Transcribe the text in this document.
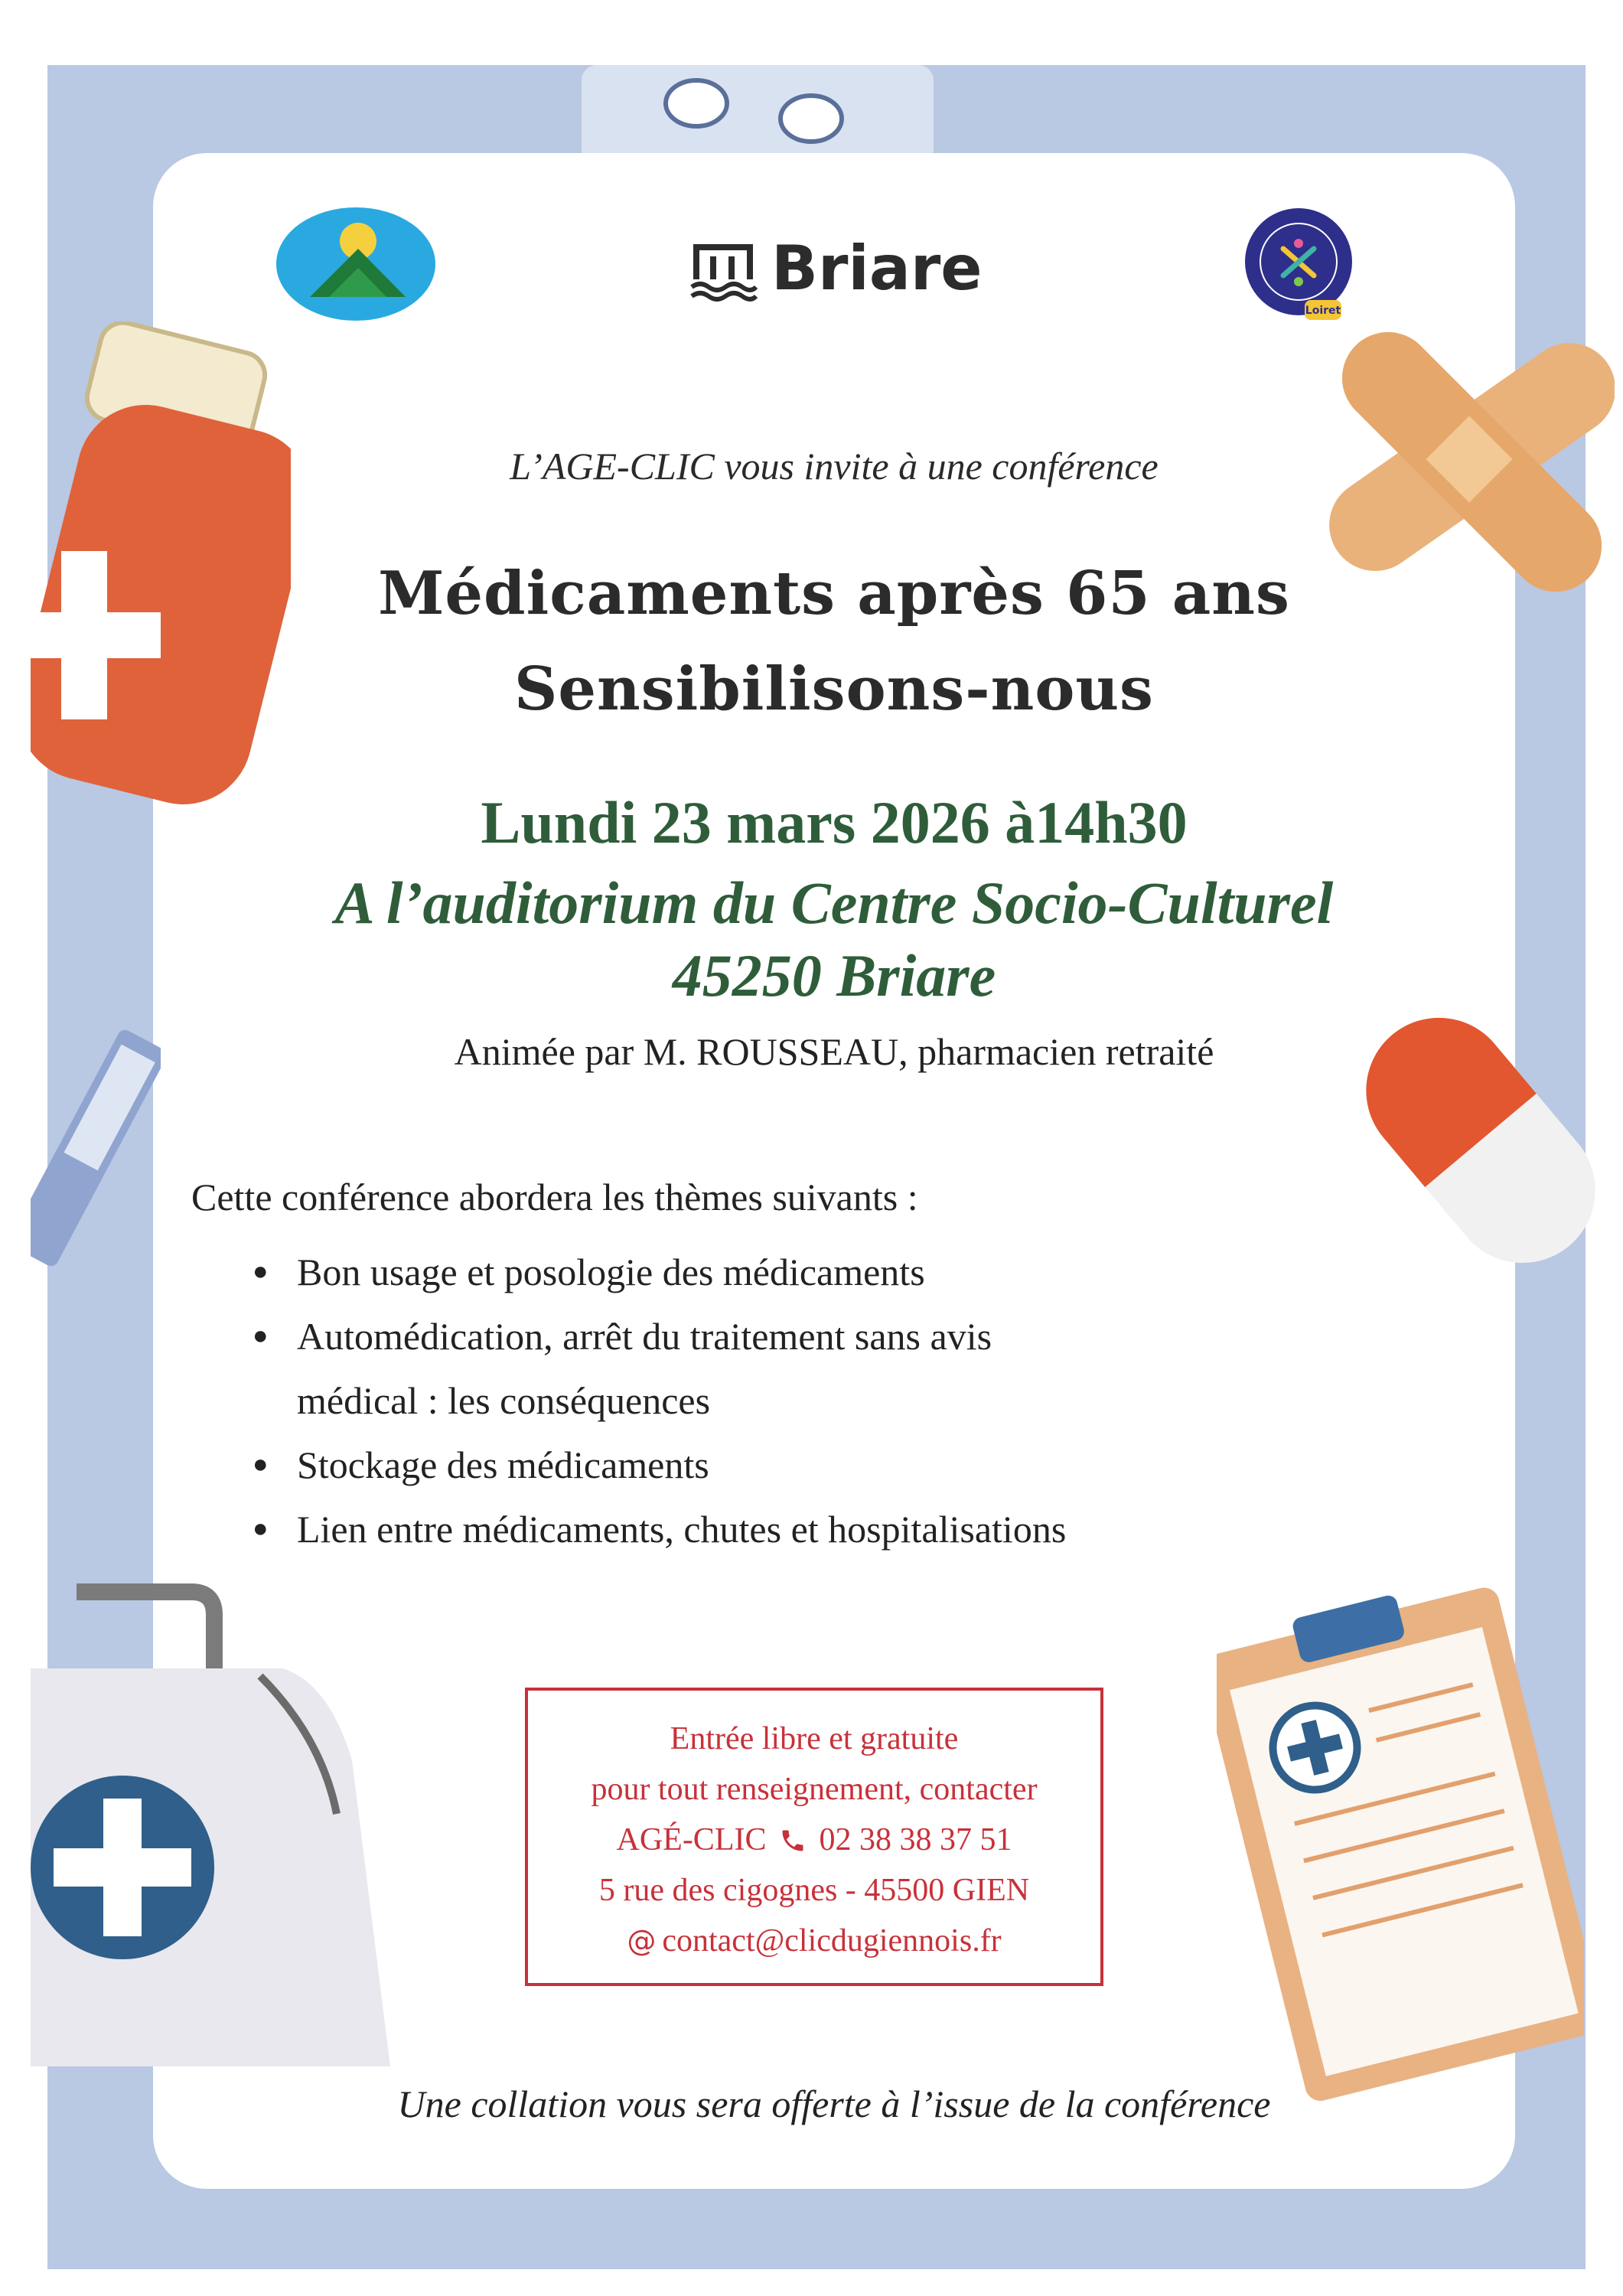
Briare
Loiret
L’AGE-CLIC vous invite à une conférence
Médicaments après 65 ans
Sensibilisons-nous
Lundi 23 mars 2026 à14h30
A l’auditorium du Centre Socio-Culturel
45250 Briare
Animée par M. ROUSSEAU, pharmacien retraité
Cette conférence abordera les thèmes suivants :
● Bon usage et posologie des médicaments
● Automédication, arrêt du traitement sans avis
médical : les conséquences
● Stockage des médicaments
● Lien entre médicaments, chutes et hospitalisations
Entrée libre et gratuite
pour tout renseignement, contacter
AGÉ-CLIC 02 38 38 37 51
5 rue des cigognes - 45500 GIEN
@ contact@clicdugiennois.fr
Une collation vous sera offerte à l’issue de la conférence
